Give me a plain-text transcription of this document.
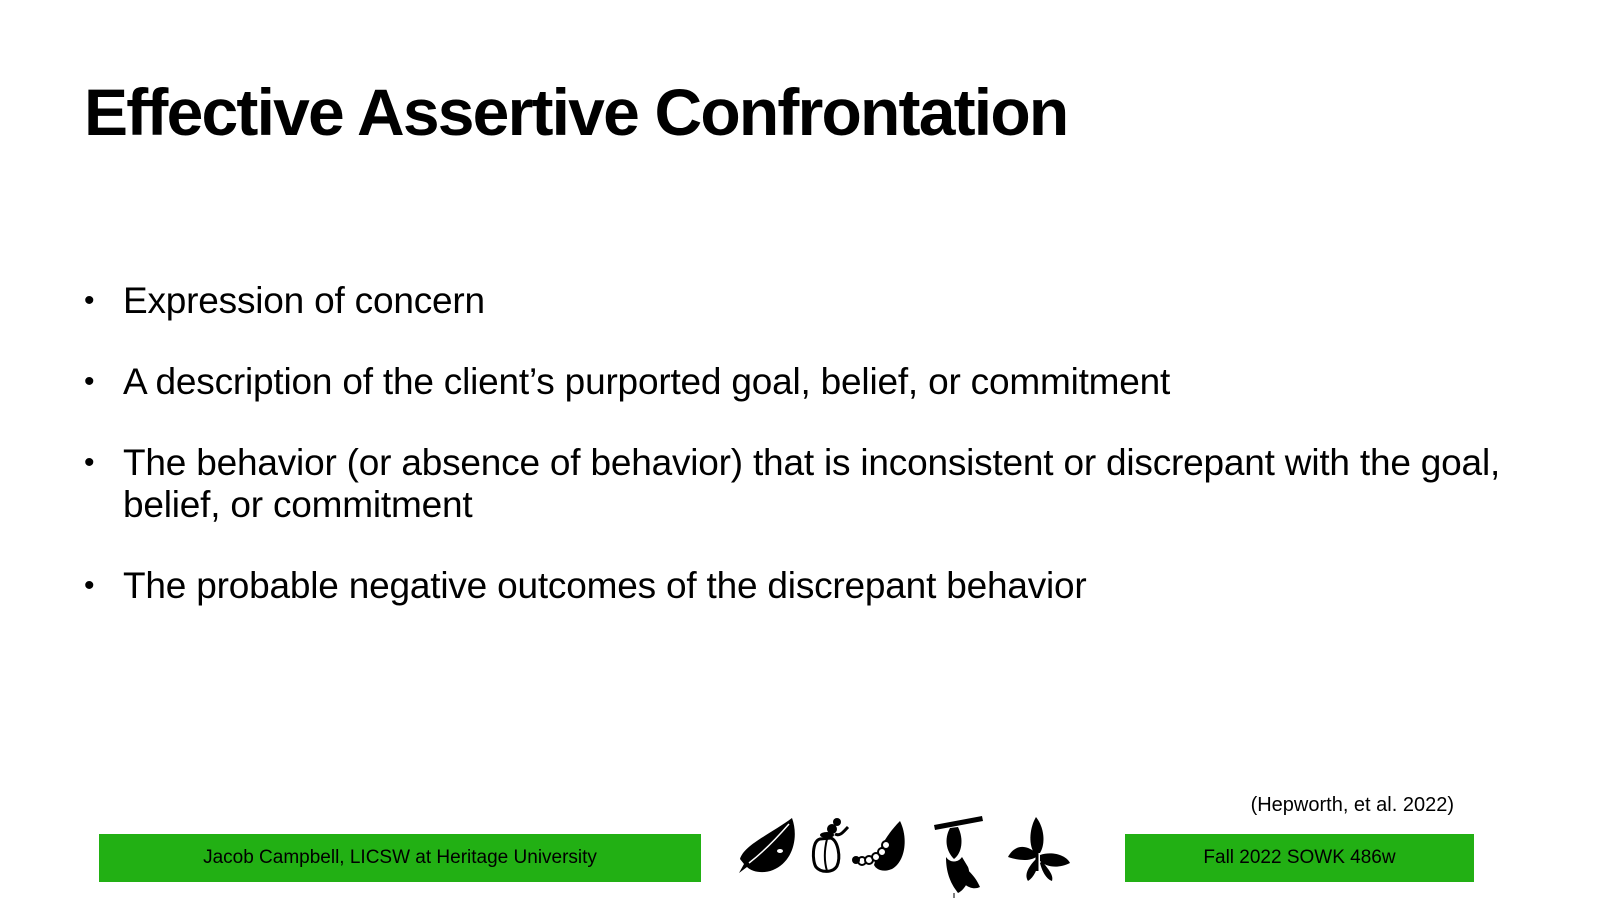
Effective Assertive Confrontation
• Expression of concern
• A description of the client’s purported goal, belief, or commitment
• The behavior (or absence of behavior) that is inconsistent or discrepant with the goal, belief, or commitment
• The probable negative outcomes of the discrepant behavior
(Hepworth, et al. 2022)
Jacob Campbell, LICSW at Heritage University	Fall 2022 SOWK 486w
